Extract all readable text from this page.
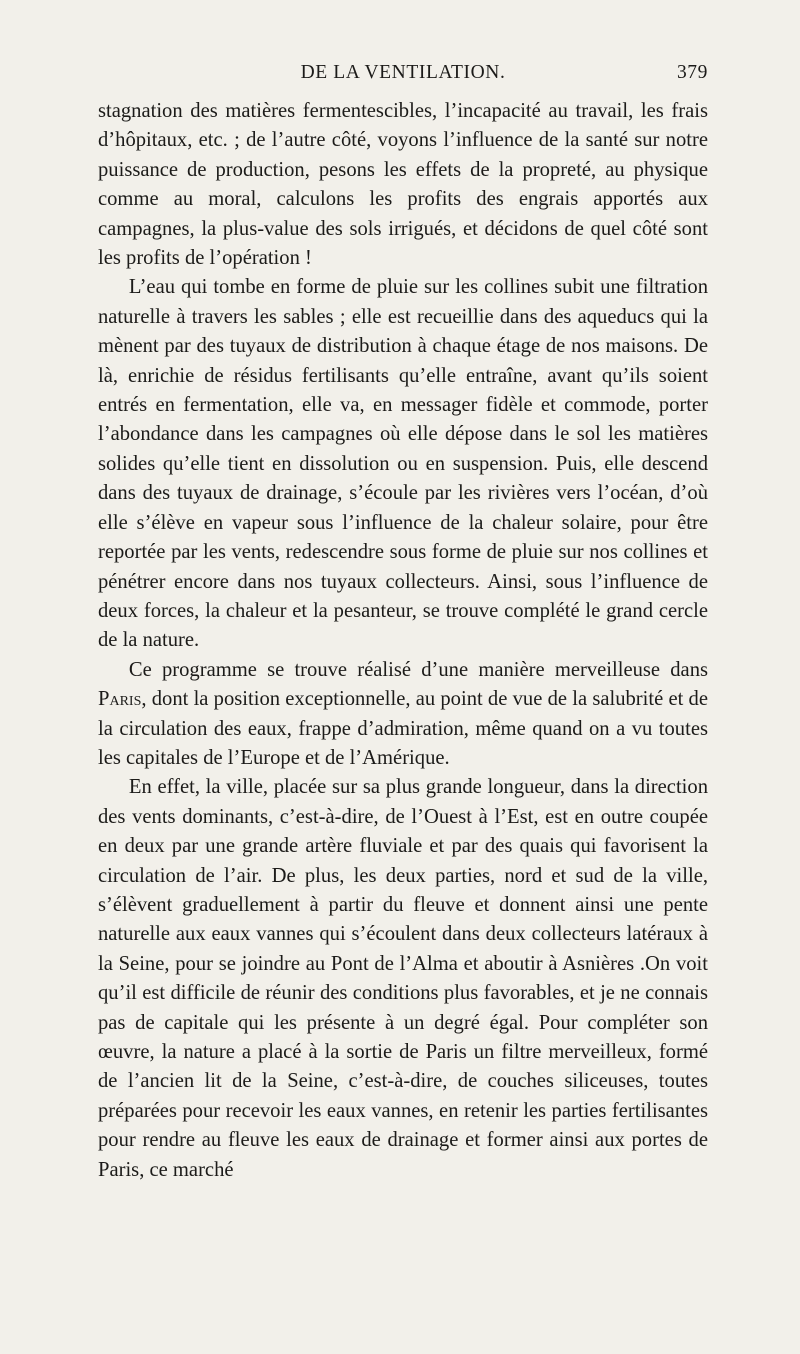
DE LA VENTILATION.	379

stagnation des matières fermentescibles, l’incapacité au travail, les frais d’hôpitaux, etc. ; de l’autre côté, voyons l’influence de la santé sur notre puissance de production, pesons les effets de la propreté, au physique comme au moral, calculons les profits des engrais apportés aux campagnes, la plus-value des sols irrigués, et décidons de quel côté sont les profits de l’opération !

L’eau qui tombe en forme de pluie sur les collines subit une filtration naturelle à travers les sables ; elle est recueillie dans des aqueducs qui la mènent par des tuyaux de distribution à chaque étage de nos maisons. De là, enrichie de résidus fertilisants qu’elle entraîne, avant qu’ils soient entrés en fermentation, elle va, en messager fidèle et commode, porter l’abondance dans les campagnes où elle dépose dans le sol les matières solides qu’elle tient en dissolution ou en suspension. Puis, elle descend dans des tuyaux de drainage, s’écoule par les rivières vers l’océan, d’où elle s’élève en vapeur sous l’influence de la chaleur solaire, pour être reportée par les vents, redescendre sous forme de pluie sur nos collines et pénétrer encore dans nos tuyaux collecteurs. Ainsi, sous l’influence de deux forces, la chaleur et la pesanteur, se trouve complété le grand cercle de la nature.

Ce programme se trouve réalisé d’une manière merveilleuse dans Paris, dont la position exceptionnelle, au point de vue de la salubrité et de la circulation des eaux, frappe d’admiration, même quand on a vu toutes les capitales de l’Europe et de l’Amérique.

En effet, la ville, placée sur sa plus grande longueur, dans la direction des vents dominants, c’est-à-dire, de l’Ouest à l’Est, est en outre coupée en deux par une grande artère fluviale et par des quais qui favorisent la circulation de l’air. De plus, les deux parties, nord et sud de la ville, s’élèvent graduellement à partir du fleuve et donnent ainsi une pente naturelle aux eaux vannes qui s’écoulent dans deux collecteurs latéraux à la Seine, pour se joindre au Pont de l’Alma et aboutir à Asnières .On voit qu’il est difficile de réunir des conditions plus favorables, et je ne connais pas de capitale qui les présente à un degré égal. Pour compléter son œuvre, la nature a placé à la sortie de Paris un filtre merveilleux, formé de l’ancien lit de la Seine, c’est-à-dire, de couches siliceuses, toutes préparées pour recevoir les eaux vannes, en retenir les parties fertilisantes pour rendre au fleuve les eaux de drainage et former ainsi aux portes de Paris, ce marché
